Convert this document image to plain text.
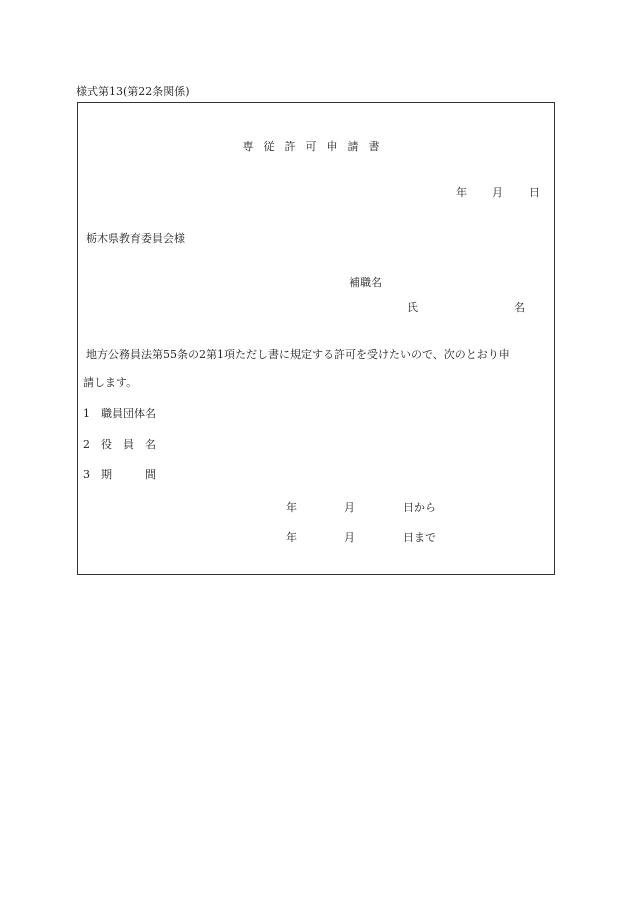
様式第13(第22条関係)
専従許可申請書
年 月 日
栃木県教育委員会様
補職名
氏	名
地方公務員法第55条の2第1項ただし書に規定する許可を受けたいので、次のとおり申
請します。
1 職員団体名
2 役　員　名
3 期　　　間
年	月	日から
年	月	日まで
